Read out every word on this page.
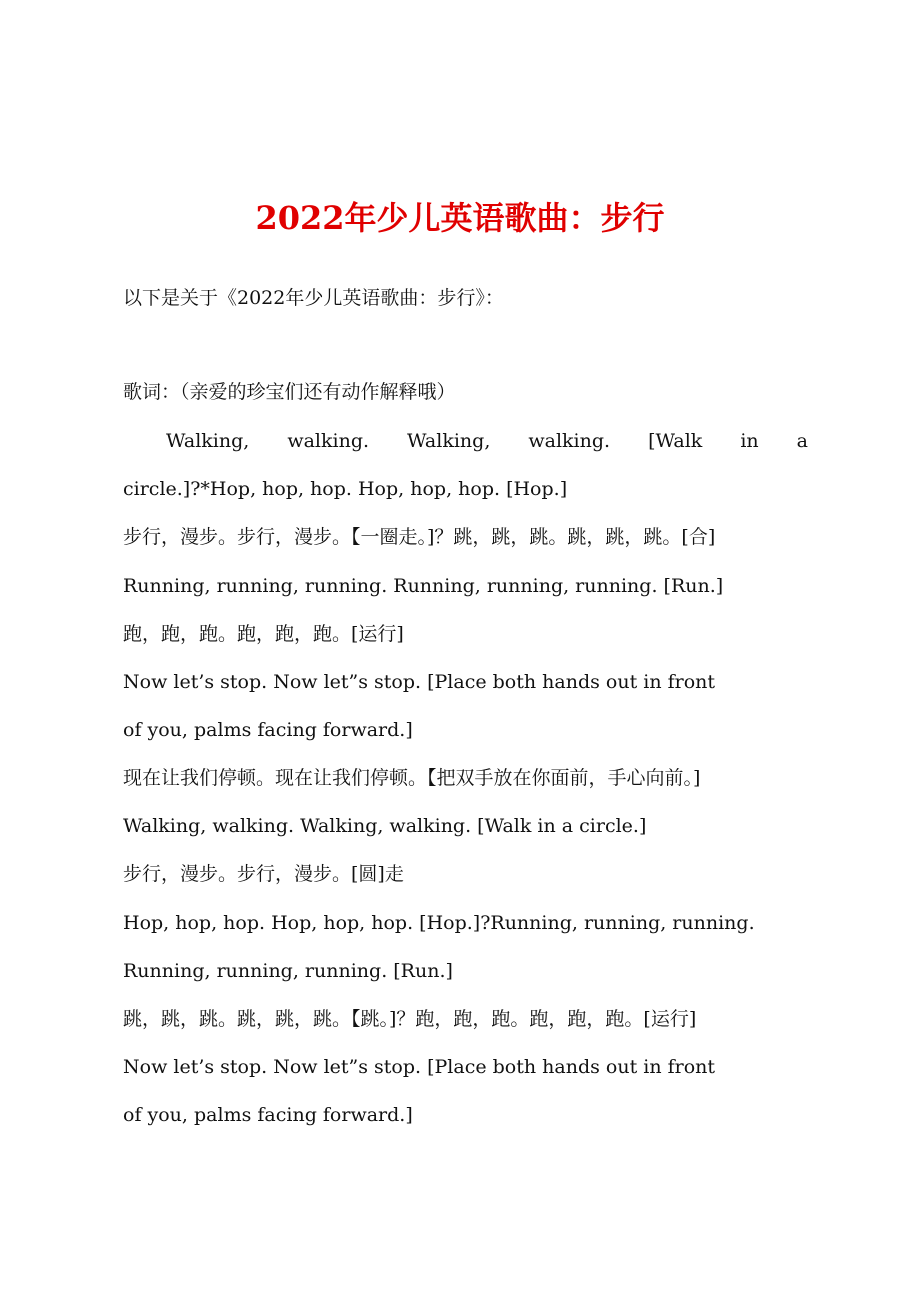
2022年少儿英语歌曲：步行

以下是关于《2022年少儿英语歌曲：步行》：

歌词：（亲爱的珍宝们还有动作解释哦）

Walking, walking. Walking, walking. [Walk in a

circle.]?*Hop, hop, hop. Hop, hop, hop. [Hop.]

步行，漫步。步行，漫步。【一圈走。]？跳，跳，跳。跳，跳，跳。[合]

Running, running, running. Running, running, running. [Run.]

跑，跑，跑。跑，跑，跑。[运行]

Now let’s stop. Now let”s stop. [Place both hands out in front

of you, palms facing forward.]

现在让我们停顿。现在让我们停顿。【把双手放在你面前，手心向前。]

Walking, walking. Walking, walking. [Walk in a circle.]

步行，漫步。步行，漫步。[圆]走

Hop, hop, hop. Hop, hop, hop. [Hop.]?Running, running, running.

Running, running, running. [Run.]

跳，跳，跳。跳，跳，跳。【跳。]？跑，跑，跑。跑，跑，跑。[运行]

Now let’s stop. Now let”s stop. [Place both hands out in front

of you, palms facing forward.]
